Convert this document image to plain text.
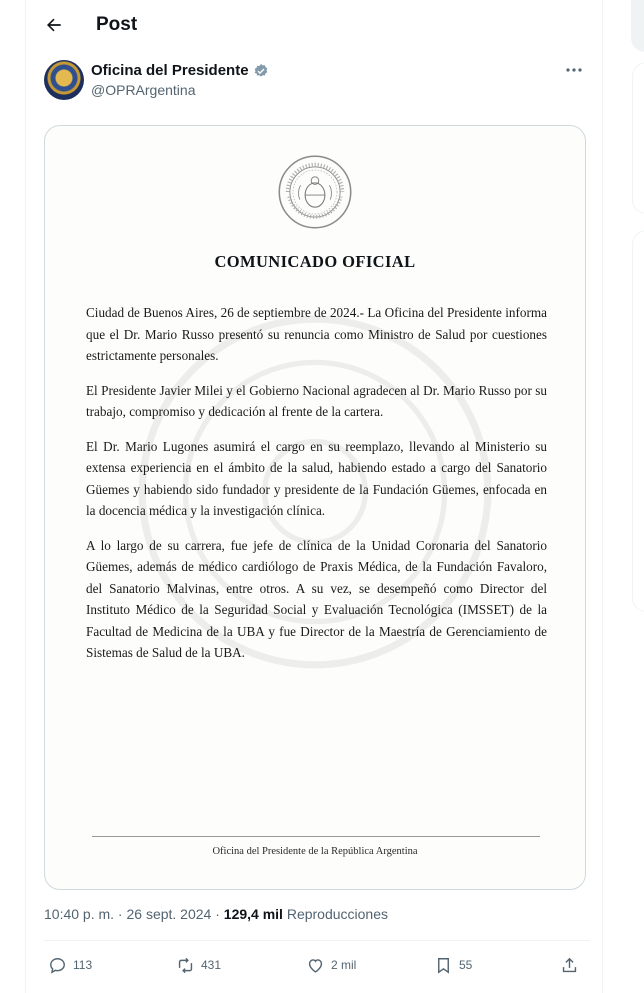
Post
Oficina del Presidente
@OPRArgentina
COMUNICADO OFICIAL

Ciudad de Buenos Aires, 26 de septiembre de 2024.- La Oficina del Presidente informa que el Dr. Mario Russo presentó su renuncia como Ministro de Salud por cuestiones estrictamente personales.

El Presidente Javier Milei y el Gobierno Nacional agradecen al Dr. Mario Russo por su trabajo, compromiso y dedicación al frente de la cartera.

El Dr. Mario Lugones asumirá el cargo en su reemplazo, llevando al Ministerio su extensa experiencia en el ámbito de la salud, habiendo estado a cargo del Sanatorio Güemes y habiendo sido fundador y presidente de la Fundación Güemes, enfocada en la docencia médica y la investigación clínica.

A lo largo de su carrera, fue jefe de clínica de la Unidad Coronaria del Sanatorio Güemes, además de médico cardiólogo de Praxis Médica, de la Fundación Favaloro, del Sanatorio Malvinas, entre otros. A su vez, se desempeñó como Director del Instituto Médico de la Seguridad Social y Evaluación Tecnológica (IMSSET) de la Facultad de Medicina de la UBA y fue Director de la Maestría de Gerenciamiento de Sistemas de Salud de la UBA.

Oficina del Presidente de la República Argentina
10:40 p. m. · 26 sept. 2024 · 129,4 mil Reproducciones
113	431	2 mil	55
